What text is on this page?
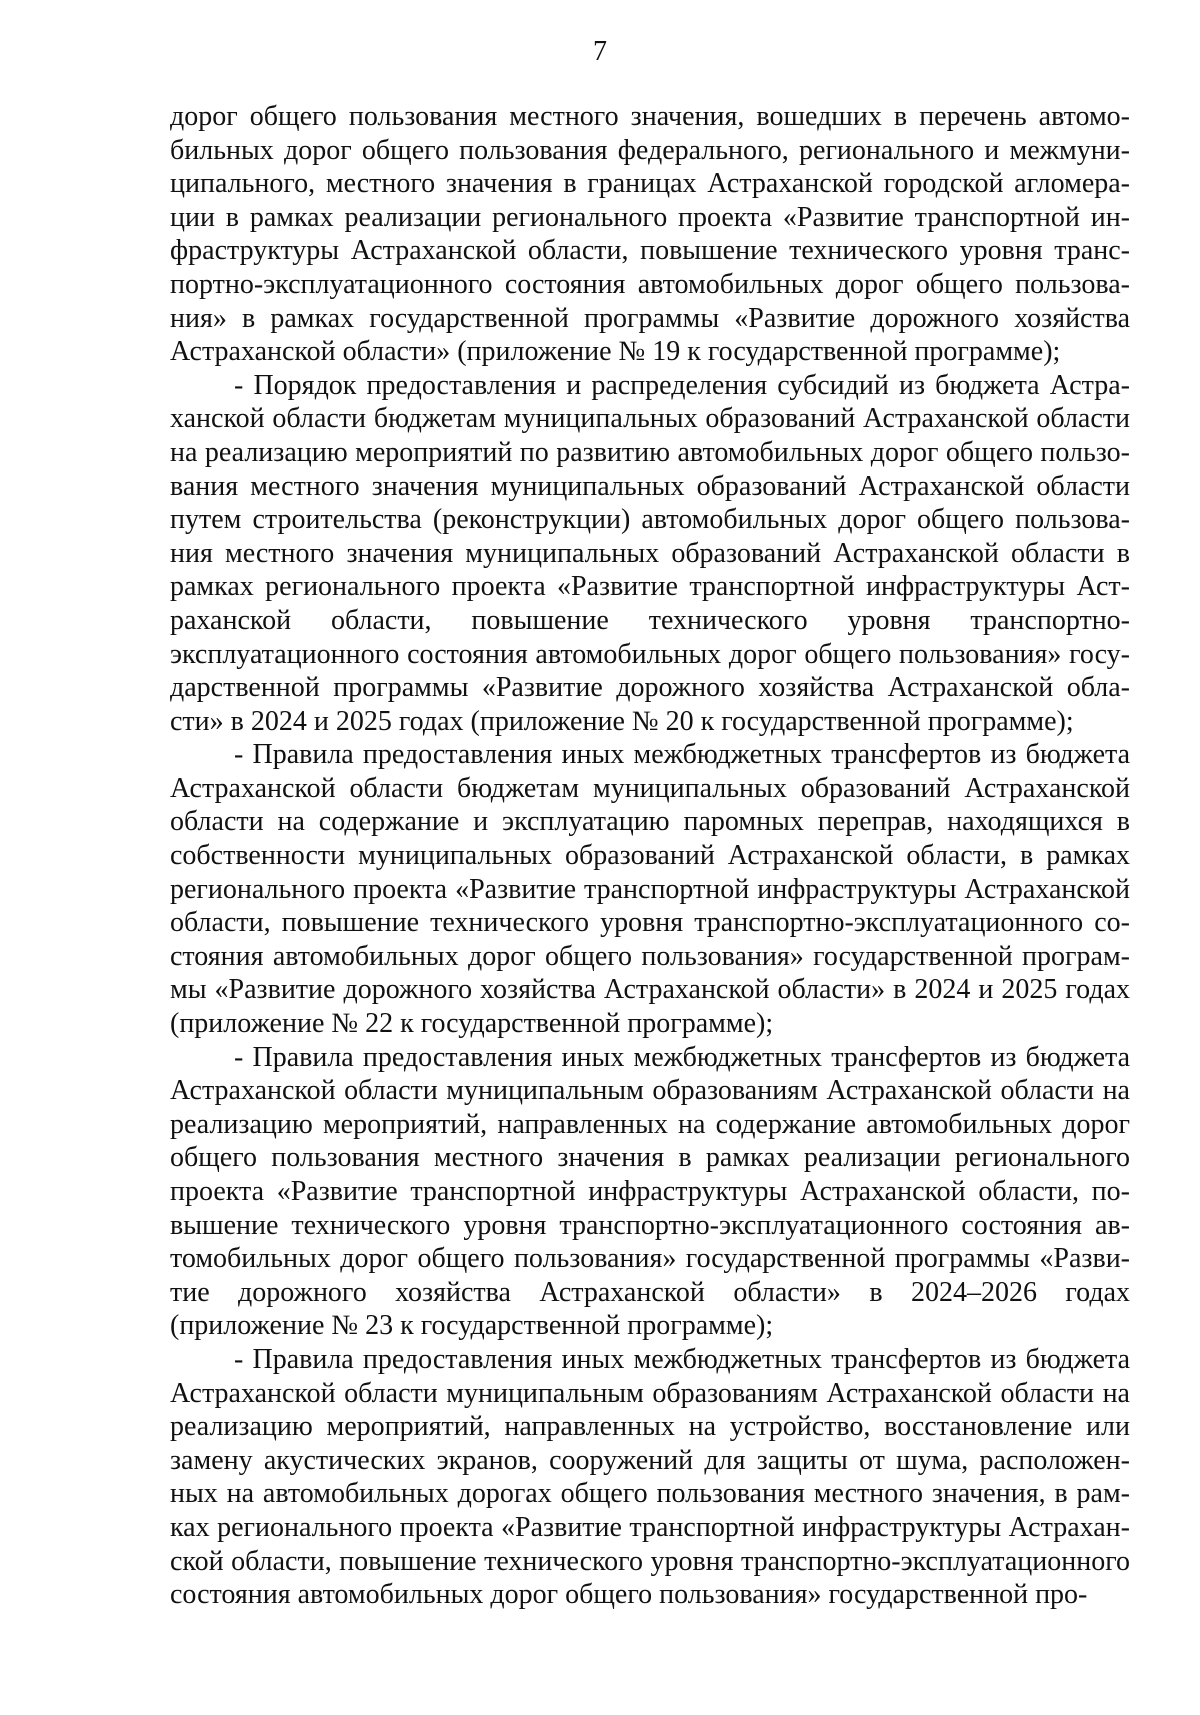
7

дорог общего пользования местного значения, вошедших в перечень автомобильных дорог общего пользования федерального, регионального и межмуниципального, местного значения в границах Астраханской городской агломерации в рамках реализации регионального проекта «Развитие транспортной инфраструктуры Астраханской области, повышение технического уровня транспортно-эксплуатационного состояния автомобильных дорог общего пользования» в рамках государственной программы «Развитие дорожного хозяйства Астраханской области» (приложение № 19 к государственной программе);

- Порядок предоставления и распределения субсидий из бюджета Астраханской области бюджетам муниципальных образований Астраханской области на реализацию мероприятий по развитию автомобильных дорог общего пользования местного значения муниципальных образований Астраханской области путем строительства (реконструкции) автомобильных дорог общего пользования местного значения муниципальных образований Астраханской области в рамках регионального проекта «Развитие транспортной инфраструктуры Астраханской области, повышение технического уровня транспортно-эксплуатационного состояния автомобильных дорог общего пользования» государственной программы «Развитие дорожного хозяйства Астраханской области» в 2024 и 2025 годах (приложение № 20 к государственной программе);

- Правила предоставления иных межбюджетных трансфертов из бюджета Астраханской области бюджетам муниципальных образований Астраханской области на содержание и эксплуатацию паромных переправ, находящихся в собственности муниципальных образований Астраханской области, в рамках регионального проекта «Развитие транспортной инфраструктуры Астраханской области, повышение технического уровня транспортно-эксплуатационного состояния автомобильных дорог общего пользования» государственной программы «Развитие дорожного хозяйства Астраханской области» в 2024 и 2025 годах (приложение № 22 к государственной программе);

- Правила предоставления иных межбюджетных трансфертов из бюджета Астраханской области муниципальным образованиям Астраханской области на реализацию мероприятий, направленных на содержание автомобильных дорог общего пользования местного значения в рамках реализации регионального проекта «Развитие транспортной инфраструктуры Астраханской области, повышение технического уровня транспортно-эксплуатационного состояния автомобильных дорог общего пользования» государственной программы «Развитие дорожного хозяйства Астраханской области» в 2024–2026 годах (приложение № 23 к государственной программе);

- Правила предоставления иных межбюджетных трансфертов из бюджета Астраханской области муниципальным образованиям Астраханской области на реализацию мероприятий, направленных на устройство, восстановление или замену акустических экранов, сооружений для защиты от шума, расположенных на автомобильных дорогах общего пользования местного значения, в рамках регионального проекта «Развитие транспортной инфраструктуры Астраханской области, повышение технического уровня транспортно-эксплуатационного состояния автомобильных дорог общего пользования» государственной про-
